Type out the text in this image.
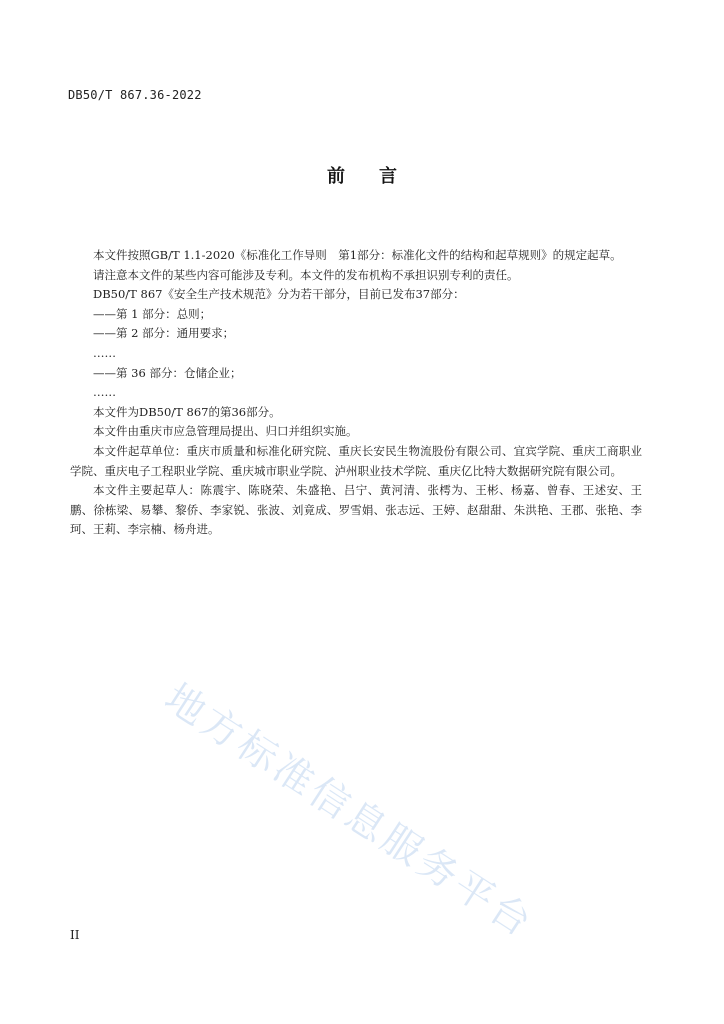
DB50/T 867.36-2022
前 言

本文件按照GB/T 1.1-2020《标准化工作导则　第1部分：标准化文件的结构和起草规则》的规定起草。

请注意本文件的某些内容可能涉及专利。本文件的发布机构不承担识别专利的责任。

DB50/T 867《安全生产技术规范》分为若干部分，目前已发布37部分：

——第 1 部分：总则；

——第 2 部分：通用要求；

……

——第 36 部分：仓储企业；

……

本文件为DB50/T 867的第36部分。

本文件由重庆市应急管理局提出、归口并组织实施。

本文件起草单位：重庆市质量和标准化研究院、重庆长安民生物流股份有限公司、宜宾学院、重庆工商职业学院、重庆电子工程职业学院、重庆城市职业学院、泸州职业技术学院、重庆亿比特大数据研究院有限公司。

本文件主要起草人：陈震宇、陈晓荣、朱盛艳、吕宁、黄河清、张樗为、王彬、杨嘉、曾春、王述安、王鹏、徐栋梁、易攀、黎侨、李家锐、张波、刘竟成、罗雪娟、张志远、王婷、赵甜甜、朱洪艳、王郡、张艳、李珂、王莉、李宗楠、杨舟进。

地方标准信息服务平台
II
